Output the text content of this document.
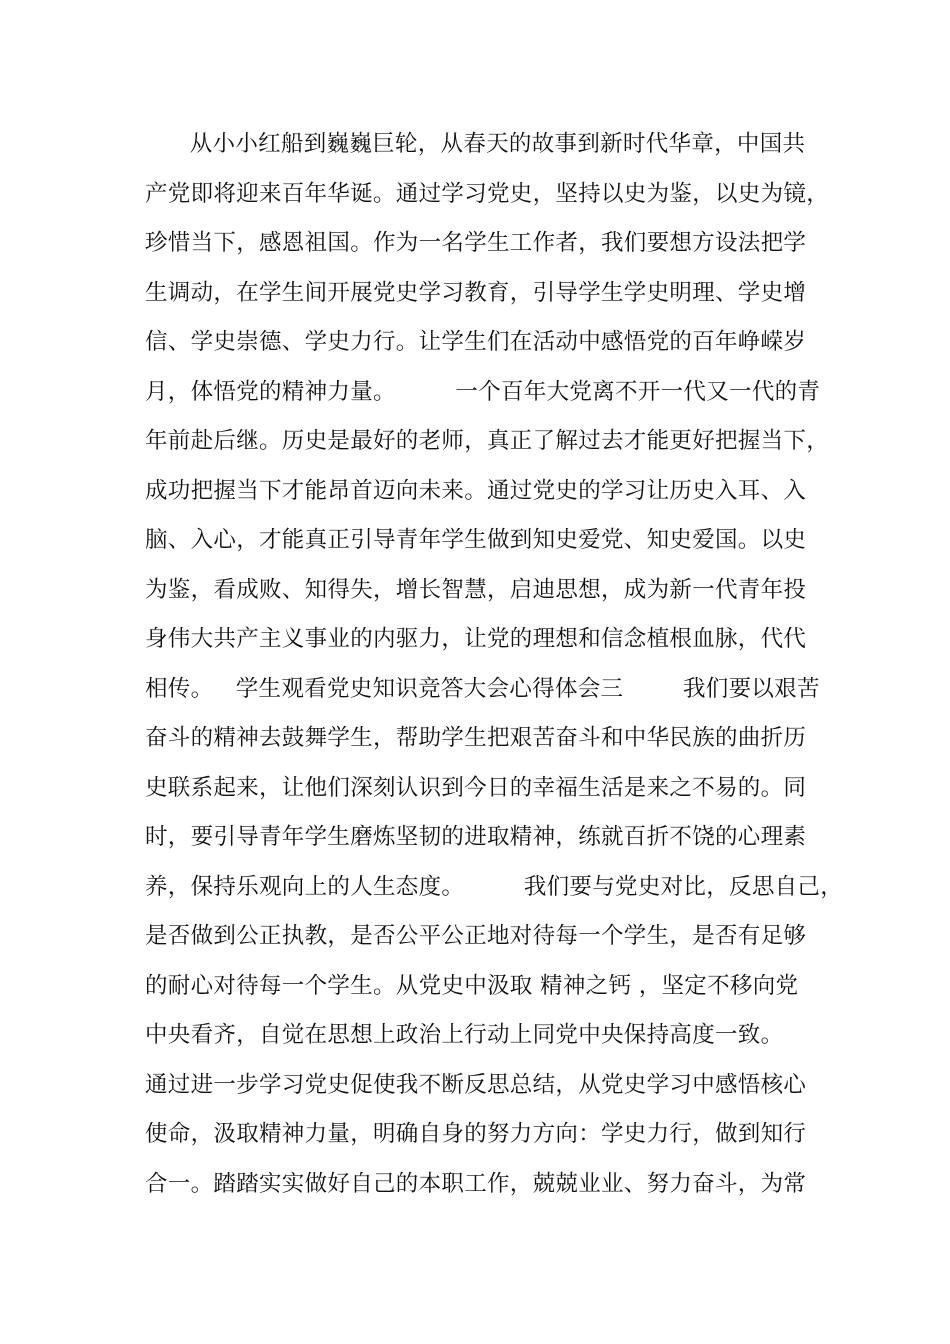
从小小红船到巍巍巨轮，从春天的故事到新时代华章，中国共
产党即将迎来百年华诞。通过学习党史，坚持以史为鉴，以史为镜，
珍惜当下，感恩祖国。作为一名学生工作者，我们要想方设法把学
生调动，在学生间开展党史学习教育，引导学生学史明理、学史增
信、学史崇德、学史力行。让学生们在活动中感悟党的百年峥嵘岁
月，体悟党的精神力量。        一个百年大党离不开一代又一代的青
年前赴后继。历史是最好的老师，真正了解过去才能更好把握当下，
成功把握当下才能昂首迈向未来。通过党史的学习让历史入耳、入
脑、入心，才能真正引导青年学生做到知史爱党、知史爱国。以史
为鉴，看成败、知得失，增长智慧，启迪思想，成为新一代青年投
身伟大共产主义事业的内驱力，让党的理想和信念植根血脉，代代
相传。   学生观看党史知识竞答大会心得体会三        我们要以艰苦
奋斗的精神去鼓舞学生，帮助学生把艰苦奋斗和中华民族的曲折历
史联系起来，让他们深刻认识到今日的幸福生活是来之不易的。同
时，要引导青年学生磨炼坚韧的进取精神，练就百折不饶的心理素
养，保持乐观向上的人生态度。        我们要与党史对比，反思自己，
是否做到公正执教，是否公平公正地对待每一个学生，是否有足够
的耐心对待每一个学生。从党史中汲取 精神之钙 ，坚定不移向党
中央看齐，自觉在思想上政治上行动上同党中央保持高度一致。
通过进一步学习党史促使我不断反思总结，从党史学习中感悟核心
使命，汲取精神力量，明确自身的努力方向：学史力行，做到知行
合一。踏踏实实做好自己的本职工作，兢兢业业、努力奋斗，为常
